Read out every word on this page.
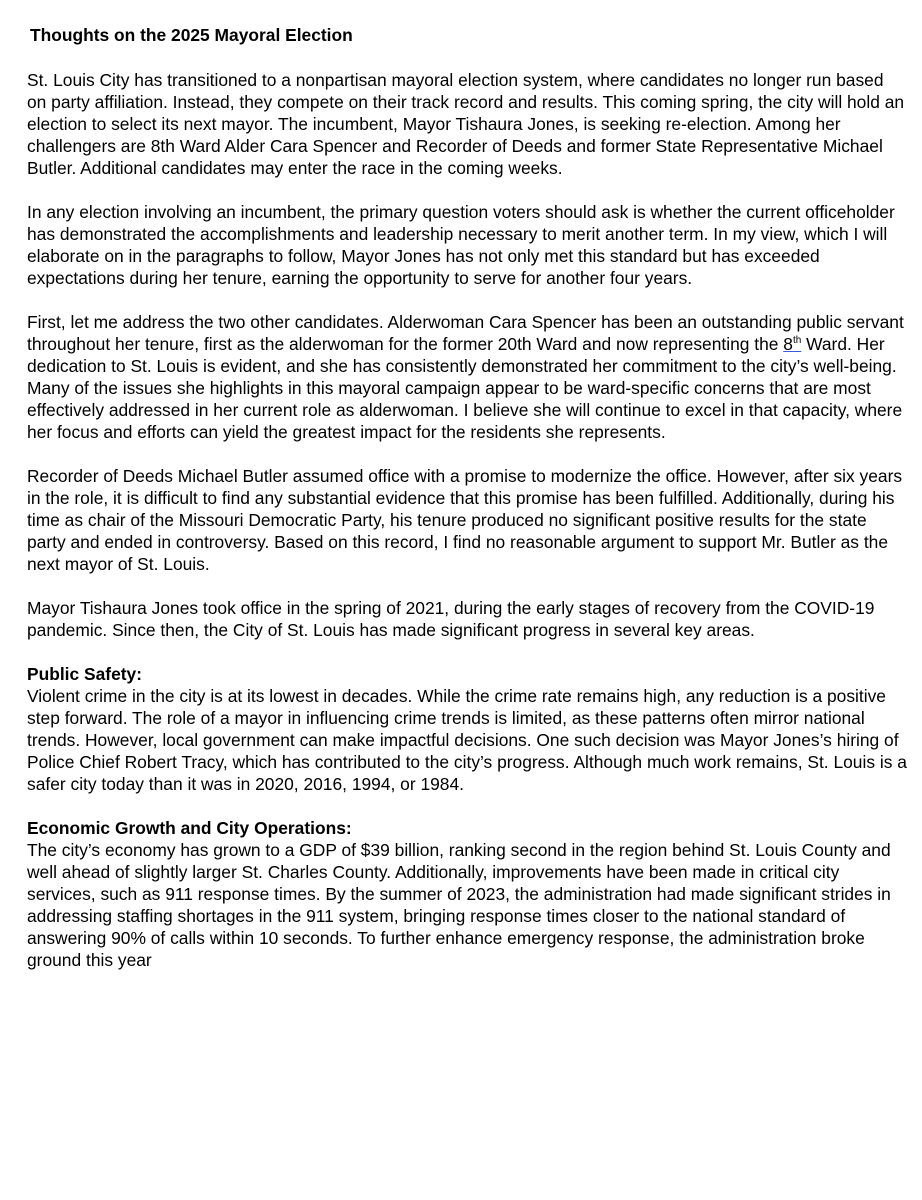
Thoughts on the 2025 Mayoral Election

St. Louis City has transitioned to a nonpartisan mayoral election system, where candidates no longer run based on party affiliation. Instead, they compete on their track record and results. This coming spring, the city will hold an election to select its next mayor. The incumbent, Mayor Tishaura Jones, is seeking re-election. Among her challengers are 8th Ward Alder Cara Spencer and Recorder of Deeds and former State Representative Michael Butler. Additional candidates may enter the race in the coming weeks.

In any election involving an incumbent, the primary question voters should ask is whether the current officeholder has demonstrated the accomplishments and leadership necessary to merit another term. In my view, which I will elaborate on in the paragraphs to follow, Mayor Jones has not only met this standard but has exceeded expectations during her tenure, earning the opportunity to serve for another four years.

First, let me address the two other candidates. Alderwoman Cara Spencer has been an outstanding public servant throughout her tenure, first as the alderwoman for the former 20th Ward and now representing the 8th Ward. Her dedication to St. Louis is evident, and she has consistently demonstrated her commitment to the city’s well-being. Many of the issues she highlights in this mayoral campaign appear to be ward-specific concerns that are most effectively addressed in her current role as alderwoman. I believe she will continue to excel in that capacity, where her focus and efforts can yield the greatest impact for the residents she represents.

Recorder of Deeds Michael Butler assumed office with a promise to modernize the office. However, after six years in the role, it is difficult to find any substantial evidence that this promise has been fulfilled. Additionally, during his time as chair of the Missouri Democratic Party, his tenure produced no significant positive results for the state party and ended in controversy. Based on this record, I find no reasonable argument to support Mr. Butler as the next mayor of St. Louis.

Mayor Tishaura Jones took office in the spring of 2021, during the early stages of recovery from the COVID-19 pandemic. Since then, the City of St. Louis has made significant progress in several key areas.

Public Safety:
Violent crime in the city is at its lowest in decades. While the crime rate remains high, any reduction is a positive step forward. The role of a mayor in influencing crime trends is limited, as these patterns often mirror national trends. However, local government can make impactful decisions. One such decision was Mayor Jones’s hiring of Police Chief Robert Tracy, which has contributed to the city’s progress. Although much work remains, St. Louis is a safer city today than it was in 2020, 2016, 1994, or 1984.

Economic Growth and City Operations:
The city’s economy has grown to a GDP of $39 billion, ranking second in the region behind St. Louis County and well ahead of slightly larger St. Charles County. Additionally, improvements have been made in critical city services, such as 911 response times. By the summer of 2023, the administration had made significant strides in addressing staffing shortages in the 911 system, bringing response times closer to the national standard of answering 90% of calls within 10 seconds. To further enhance emergency response, the administration broke ground this year
